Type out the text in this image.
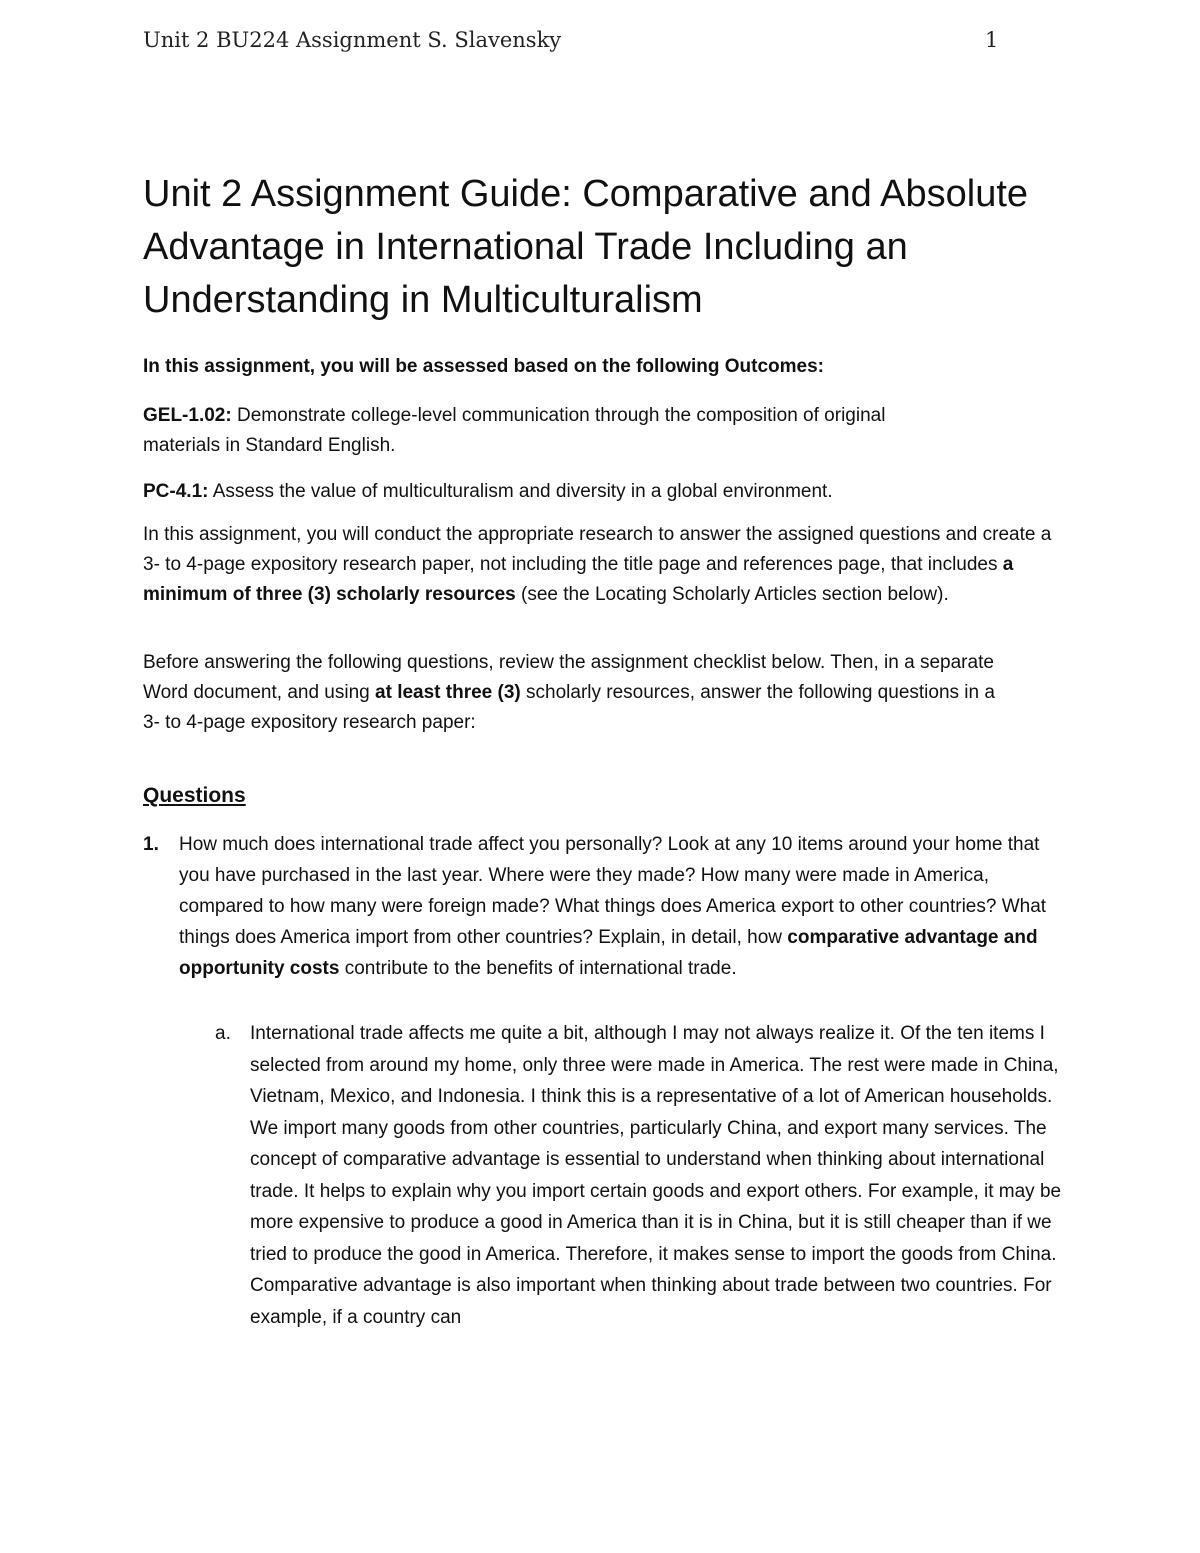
Unit 2 BU224 Assignment S. Slavensky	1
Unit 2 Assignment Guide: Comparative and Absolute Advantage in International Trade Including an Understanding in Multiculturalism

In this assignment, you will be assessed based on the following Outcomes:

GEL-1.02: Demonstrate college-level communication through the composition of original materials in Standard English.

PC-4.1: Assess the value of multiculturalism and diversity in a global environment.

In this assignment, you will conduct the appropriate research to answer the assigned questions and create a 3- to 4-page expository research paper, not including the title page and references page, that includes a minimum of three (3) scholarly resources (see the Locating Scholarly Articles section below).

Before answering the following questions, review the assignment checklist below. Then, in a separate Word document, and using at least three (3) scholarly resources, answer the following questions in a 3- to 4-page expository research paper:

Questions

1. How much does international trade affect you personally? Look at any 10 items around your home that you have purchased in the last year. Where were they made? How many were made in America, compared to how many were foreign made? What things does America export to other countries? What things does America import from other countries? Explain, in detail, how comparative advantage and opportunity costs contribute to the benefits of international trade.

a. International trade affects me quite a bit, although I may not always realize it. Of the ten items I selected from around my home, only three were made in America. The rest were made in China, Vietnam, Mexico, and Indonesia. I think this is a representative of a lot of American households. We import many goods from other countries, particularly China, and export many services. The concept of comparative advantage is essential to understand when thinking about international trade. It helps to explain why you import certain goods and export others. For example, it may be more expensive to produce a good in America than it is in China, but it is still cheaper than if we tried to produce the good in America. Therefore, it makes sense to import the goods from China. Comparative advantage is also important when thinking about trade between two countries. For example, if a country can
